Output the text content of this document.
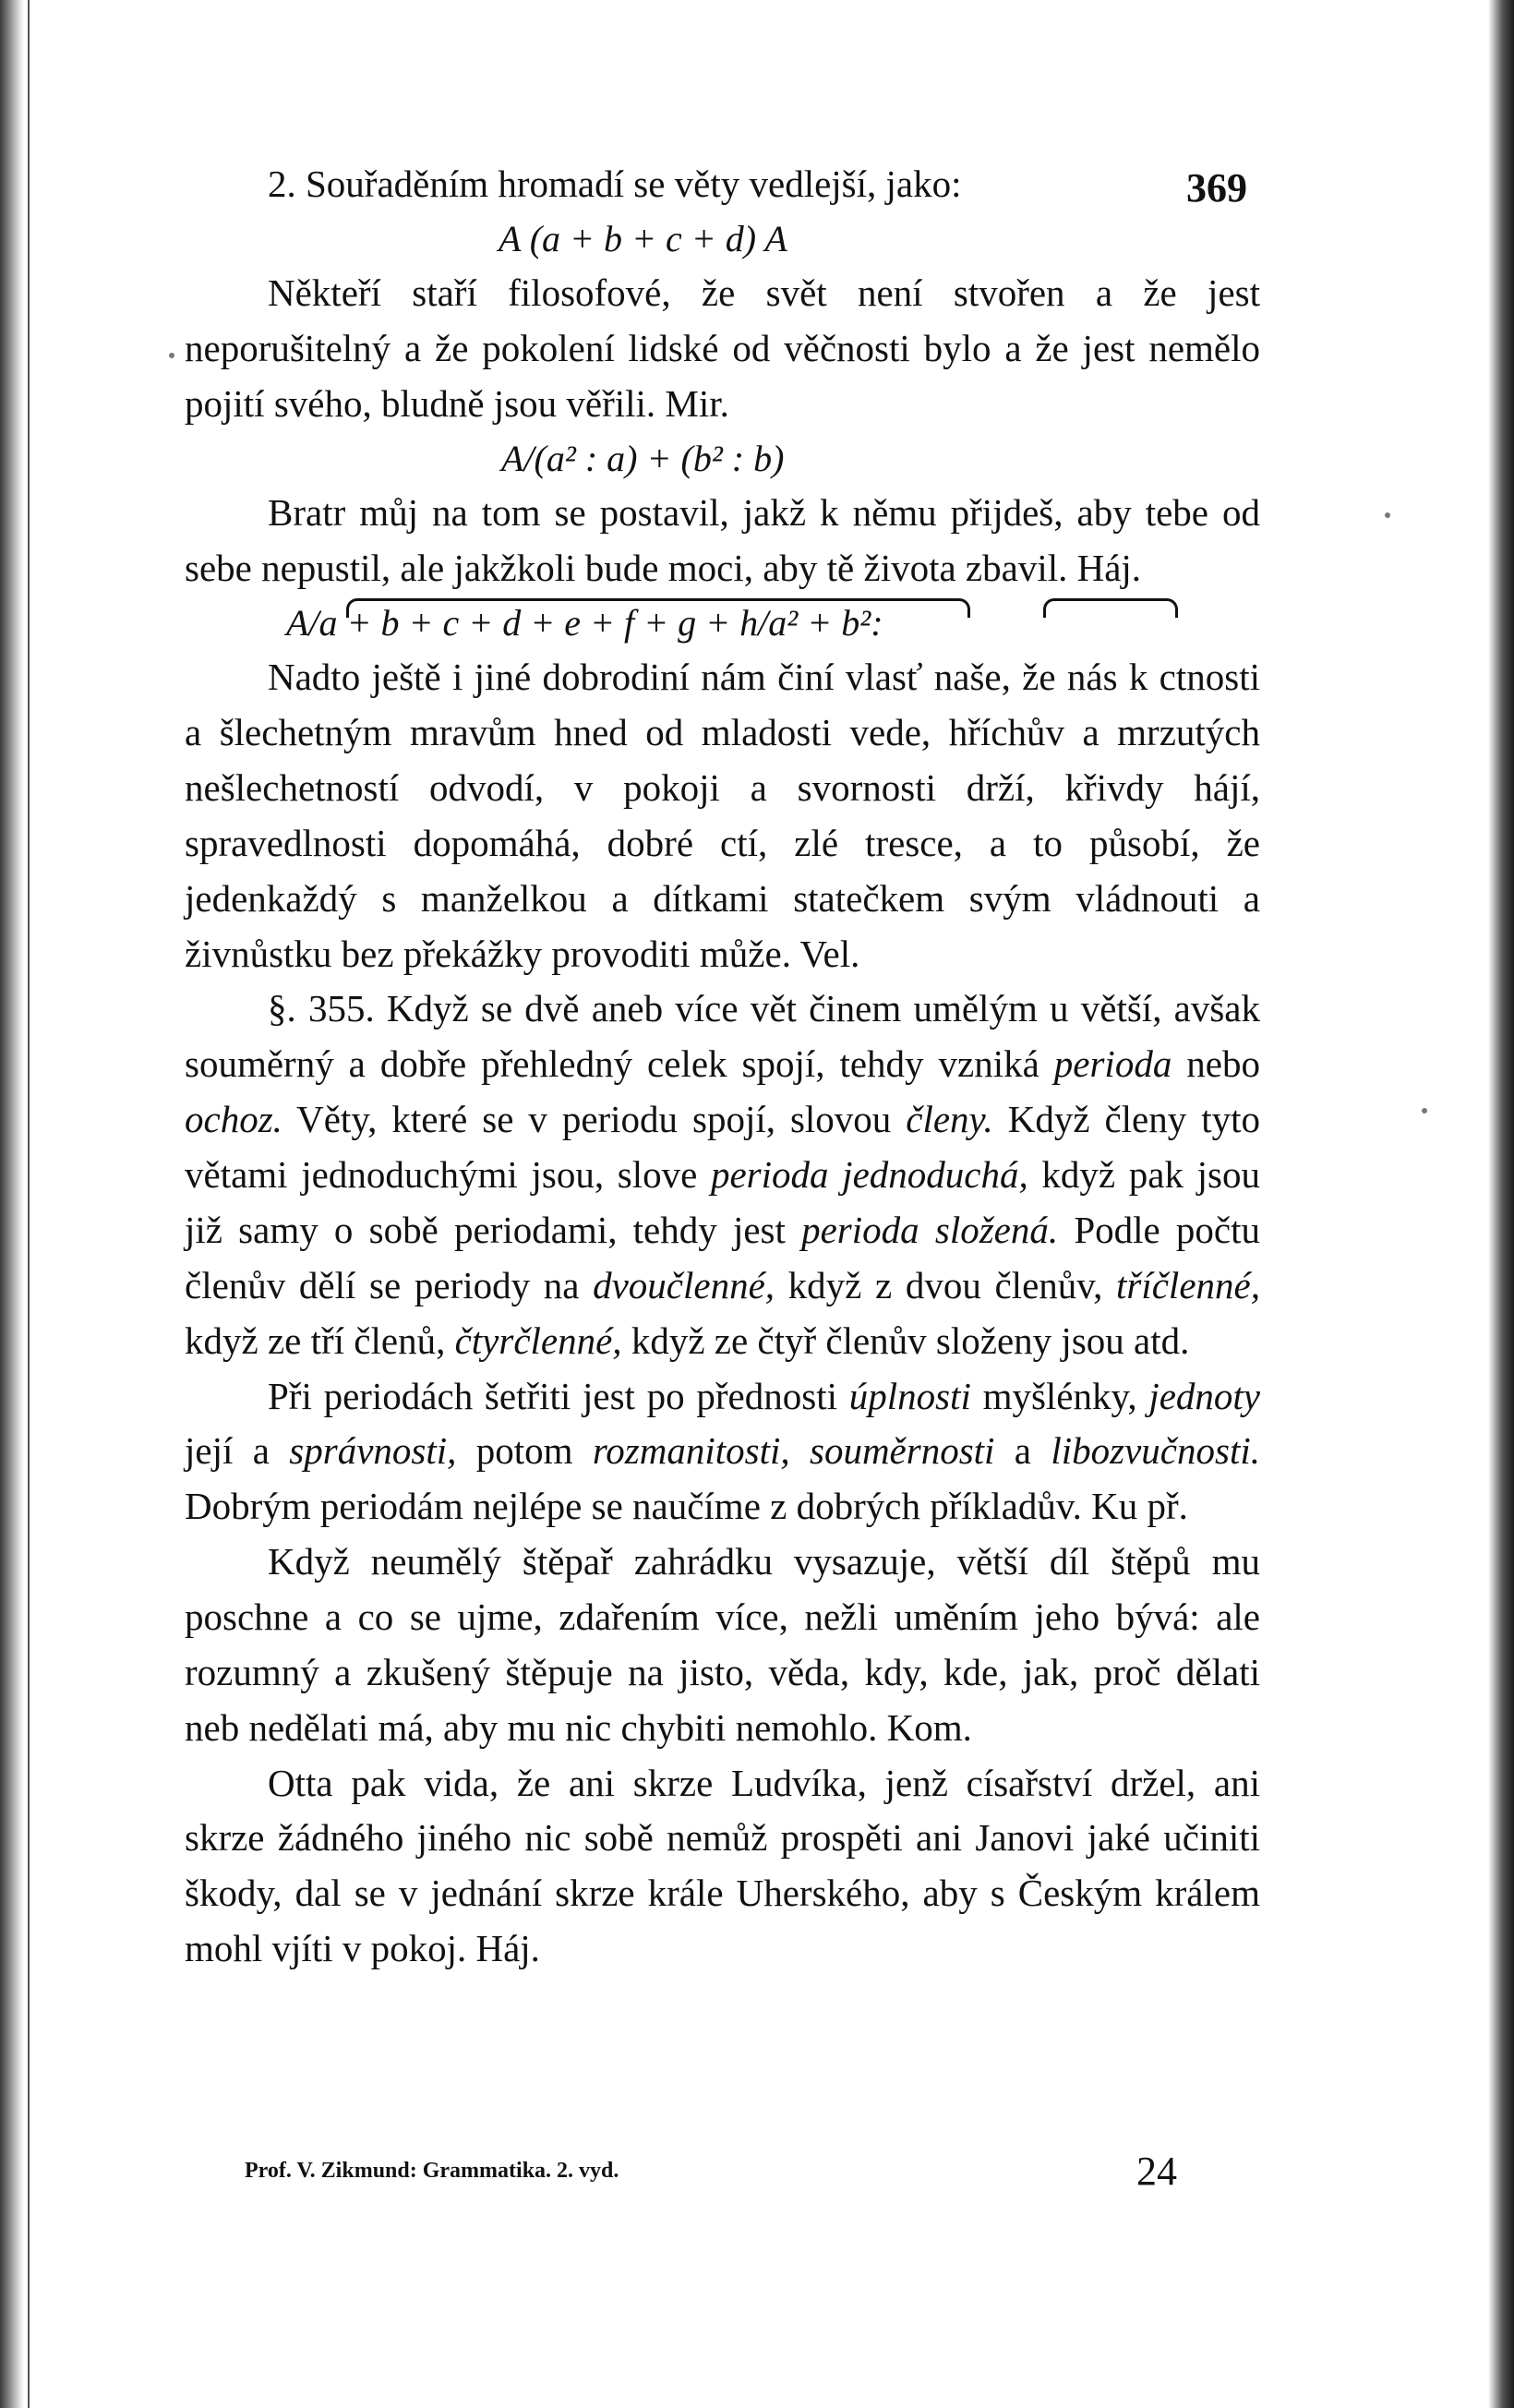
369

2. Souřaděním hromadí se věty vedlejší, jako:

A (a + b + c + d) A

Někteří staří filosofové, že svět není stvořen a že jest neporušitelný a že pokolení lidské od věčnosti bylo a že jest nemělo pojití svého, bludně jsou věřili. Mir.

A/(a² : a) + (b² : b)

Bratr můj na tom se postavil, jakž k němu přijdeš, aby tebe od sebe nepustil, ale jakžkoli bude moci, aby tě života zbavil. Háj.

A/a + b + c + d + e + f + g + h/a² + b²:

Nadto ještě i jiné dobrodiní nám činí vlasť naše, že nás k ctnosti a šlechetným mravům hned od mladosti vede, hříchův a mrzutých nešlechetností odvodí, v pokoji a svornosti drží, křivdy hájí, spravedlnosti dopomáhá, dobré ctí, zlé tresce, a to působí, že jedenkaždý s manželkou a dítkami statečkem svým vládnouti a živnůstku bez překážky provoditi může. Vel.

§. 355. Když se dvě aneb více vět činem umělým u větší, avšak souměrný a dobře přehledný celek spojí, tehdy vzniká perioda nebo ochoz. Věty, které se v periodu spojí, slovou členy. Když členy tyto větami jednoduchými jsou, slove perioda jednoduchá, když pak jsou již samy o sobě periodami, tehdy jest perioda složená. Podle počtu členův dělí se periody na dvoučlenné, když z dvou členův, tříčlenné, když ze tří členů, čtyrčlenné, když ze čtyř členův složeny jsou atd.

Při periodách šetřiti jest po přednosti úplnosti myšlénky, jednoty její a správnosti, potom rozmanitosti, souměrnosti a libozvučnosti. Dobrým periodám nejlépe se naučíme z dobrých příkladův. Ku př.

Když neumělý štěpař zahrádku vysazuje, větší díl štěpů mu poschne a co se ujme, zdařením více, nežli uměním jeho bývá: ale rozumný a zkušený štěpuje na jisto, věda, kdy, kde, jak, proč dělati neb nedělati má, aby mu nic chybiti nemohlo. Kom.

Otta pak vida, že ani skrze Ludvíka, jenž císařství držel, ani skrze žádného jiného nic sobě nemůž prospěti ani Janovi jaké učiniti škody, dal se v jednání skrze krále Uherského, aby s Českým králem mohl vjíti v pokoj. Háj.

Prof. V. Zikmund: Grammatika. 2. vyd.	24
